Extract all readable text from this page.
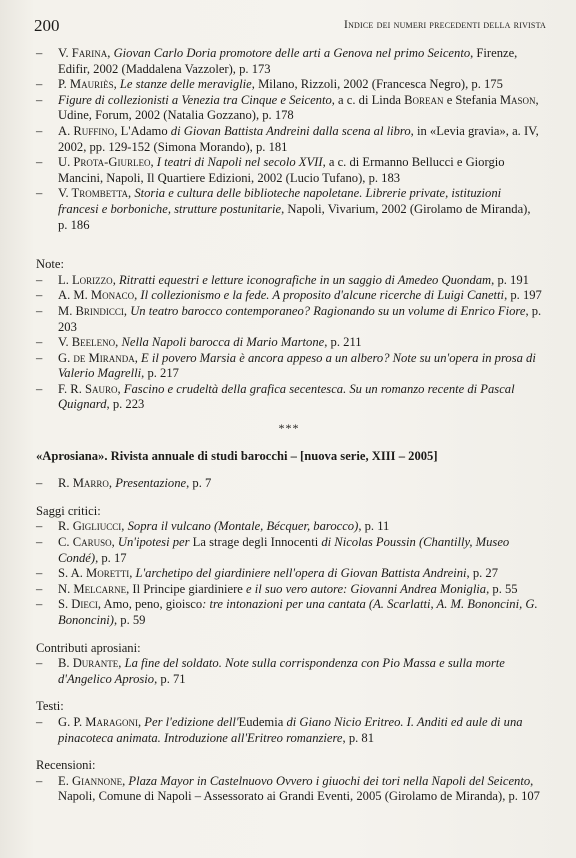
200	Indice dei numeri precedenti della rivista
–	V. Farina, Giovan Carlo Doria promotore delle arti a Genova nel primo Seicento, Firenze, Edifir, 2002 (Maddalena Vazzoler), p. 173
–	P. Mauriès, Le stanze delle meraviglie, Milano, Rizzoli, 2002 (Francesca Negro), p. 175
–	Figure di collezionisti a Venezia tra Cinque e Seicento, a c. di Linda Borean e Stefania Mason, Udine, Forum, 2002 (Natalia Gozzano), p. 178
–	A. Ruffino, L'Adamo di Giovan Battista Andreini dalla scena al libro, in «Levia gravia», a. IV, 2002, pp. 129-152 (Simona Morando), p. 181
–	U. Prota-Giurleo, I teatri di Napoli nel secolo XVII, a c. di Ermanno Bellucci e Giorgio Mancini, Napoli, Il Quartiere Edizioni, 2002 (Lucio Tufano), p. 183
–	V. Trombetta, Storia e cultura delle biblioteche napoletane. Librerie private, istituzioni francesi e borboniche, strutture postunitarie, Napoli, Vivarium, 2002 (Girolamo de Miranda), p. 186
Note:
–	L. Lorizzo, Ritratti equestri e letture iconografiche in un saggio di Amedeo Quondam, p. 191
–	A. M. Monaco, Il collezionismo e la fede. A proposito d'alcune ricerche di Luigi Canetti, p. 197
–	M. Brindicci, Un teatro barocco contemporaneo? Ragionando su un volume di Enrico Fiore, p. 203
–	V. Beeleno, Nella Napoli barocca di Mario Martone, p. 211
–	G. de Miranda, E il povero Marsia è ancora appeso a un albero? Note su un'opera in prosa di Valerio Magrelli, p. 217
–	F. R. Sauro, Fascino e crudeltà della grafica secentesca. Su un romanzo recente di Pascal Quignard, p. 223
***
«Aprosiana». Rivista annuale di studi barocchi – [nuova serie, XIII – 2005]
–	R. Marro, Presentazione, p. 7
Saggi critici:
–	R. Gigliucci, Sopra il vulcano (Montale, Bécquer, barocco), p. 11
–	C. Caruso, Un'ipotesi per La strage degli Innocenti di Nicolas Poussin (Chantilly, Museo Condé), p. 17
–	S. A. Moretti, L'archetipo del giardiniere nell'opera di Giovan Battista Andreini, p. 27
–	N. Melcarne, Il Principe giardiniere e il suo vero autore: Giovanni Andrea Moniglia, p. 55
–	S. Dieci, Amo, peno, gioisco: tre intonazioni per una cantata (A. Scarlatti, A. M. Bononcini, G. Bononcini), p. 59
Contributi aprosiani:
–	B. Durante, La fine del soldato. Note sulla corrispondenza con Pio Massa e sulla morte d'Angelico Aprosio, p. 71
Testi:
–	G. P. Maragoni, Per l'edizione dell'Eudemia di Giano Nicio Eritreo. I. Anditi ed aule di una pinacoteca animata. Introduzione all'Eritreo romanziere, p. 81
Recensioni:
–	E. Giannone, Plaza Mayor in Castelnuovo Ovvero i giuochi dei tori nella Napoli del Seicento, Napoli, Comune di Napoli – Assessorato ai Grandi Eventi, 2005 (Girolamo de Miranda), p. 107
